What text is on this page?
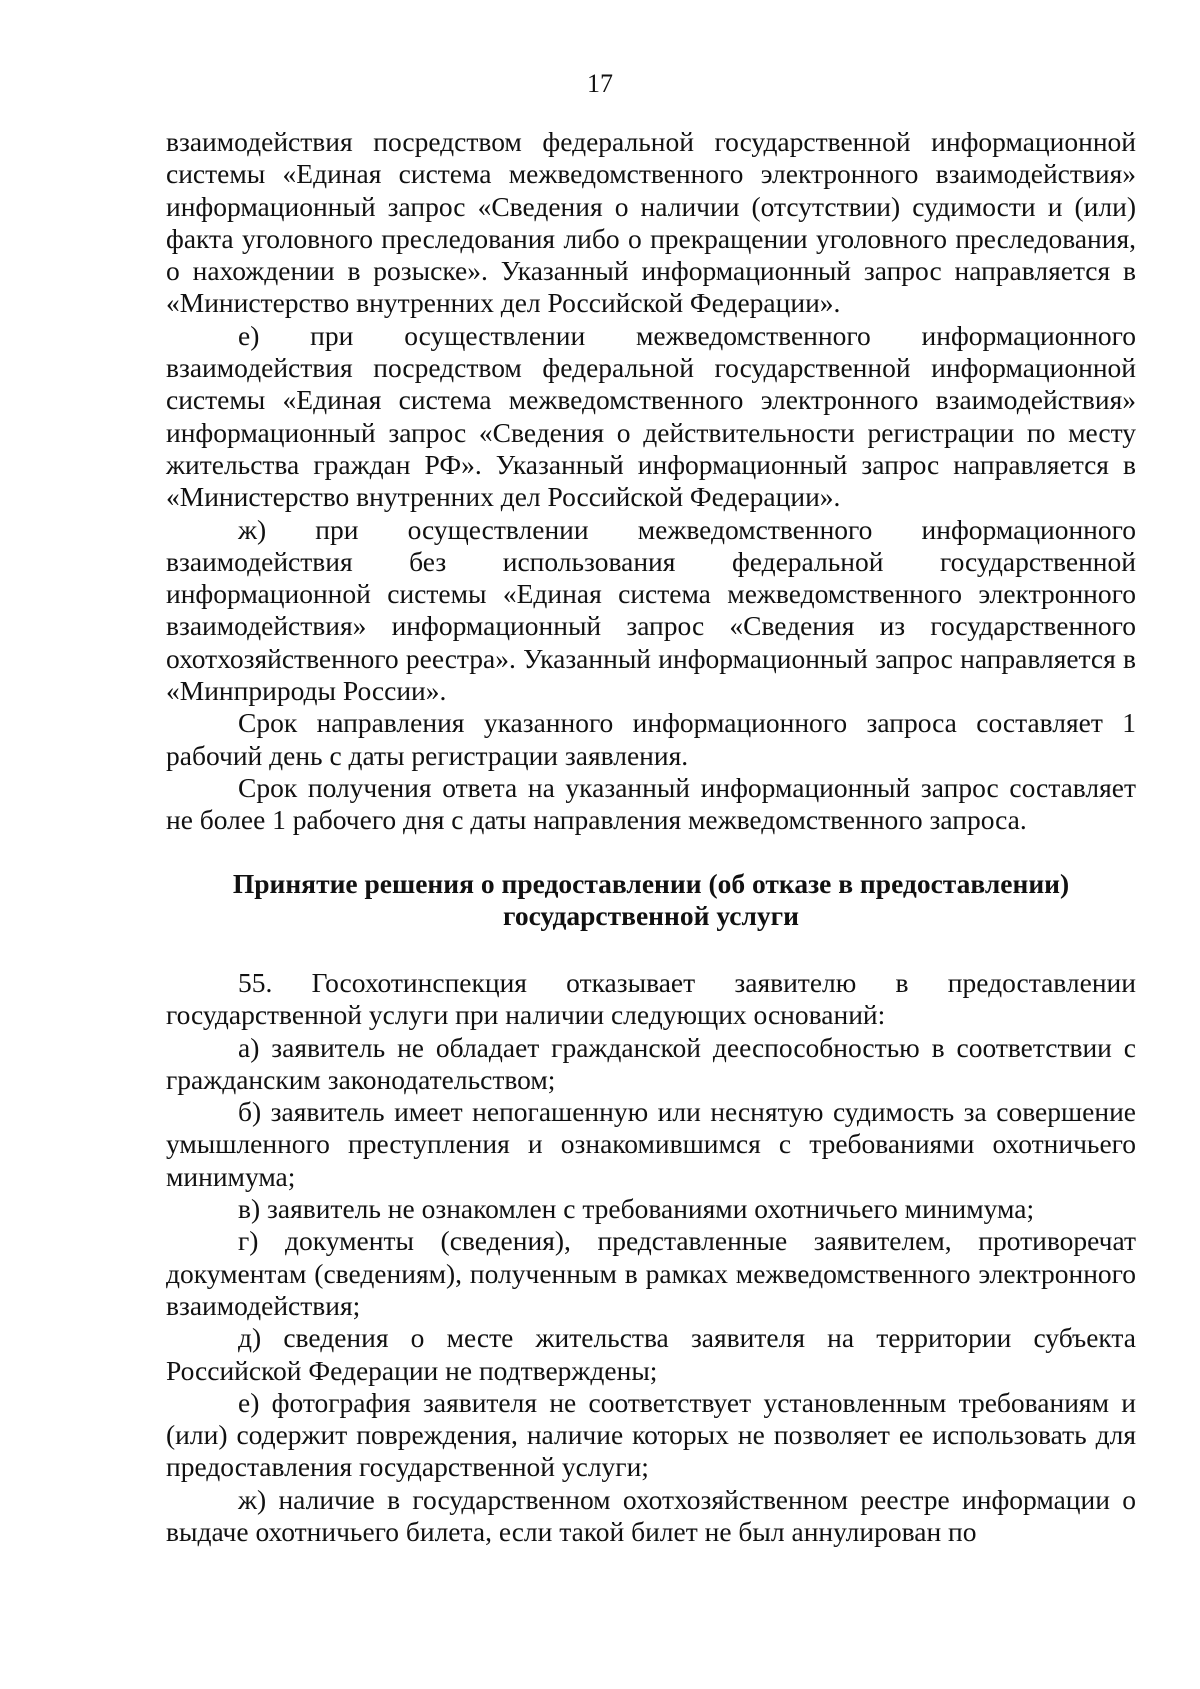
17

взаимодействия посредством федеральной государственной информационной системы «Единая система межведомственного электронного взаимодействия» информационный запрос «Сведения о наличии (отсутствии) судимости и (или) факта уголовного преследования либо о прекращении уголовного преследования, о нахождении в розыске». Указанный информационный запрос направляется в «Министерство внутренних дел Российской Федерации».

е) при осуществлении межведомственного информационного взаимодействия посредством федеральной государственной информационной системы «Единая система межведомственного электронного взаимодействия» информационный запрос «Сведения о действительности регистрации по месту жительства граждан РФ». Указанный информационный запрос направляется в «Министерство внутренних дел Российской Федерации».

ж) при осуществлении межведомственного информационного взаимодействия без использования федеральной государственной информационной системы «Единая система межведомственного электронного взаимодействия» информационный запрос «Сведения из государственного охотхозяйственного реестра». Указанный информационный запрос направляется в «Минприроды России».

Срок направления указанного информационного запроса составляет 1 рабочий день с даты регистрации заявления.

Срок получения ответа на указанный информационный запрос составляет не более 1 рабочего дня с даты направления межведомственного запроса.

Принятие решения о предоставлении (об отказе в предоставлении)
государственной услуги

55. Госохотинспекция отказывает заявителю в предоставлении государственной услуги при наличии следующих оснований:

а) заявитель не обладает гражданской дееспособностью в соответствии с гражданским законодательством;

б) заявитель имеет непогашенную или неснятую судимость за совершение умышленного преступления и ознакомившимся с требованиями охотничьего минимума;

в) заявитель не ознакомлен с требованиями охотничьего минимума;

г) документы (сведения), представленные заявителем, противоречат документам (сведениям), полученным в рамках межведомственного электронного взаимодействия;

д) сведения о месте жительства заявителя на территории субъекта Российской Федерации не подтверждены;

е) фотография заявителя не соответствует установленным требованиям и (или) содержит повреждения, наличие которых не позволяет ее использовать для предоставления государственной услуги;

ж) наличие в государственном охотхозяйственном реестре информации о выдаче охотничьего билета, если такой билет не был аннулирован по
